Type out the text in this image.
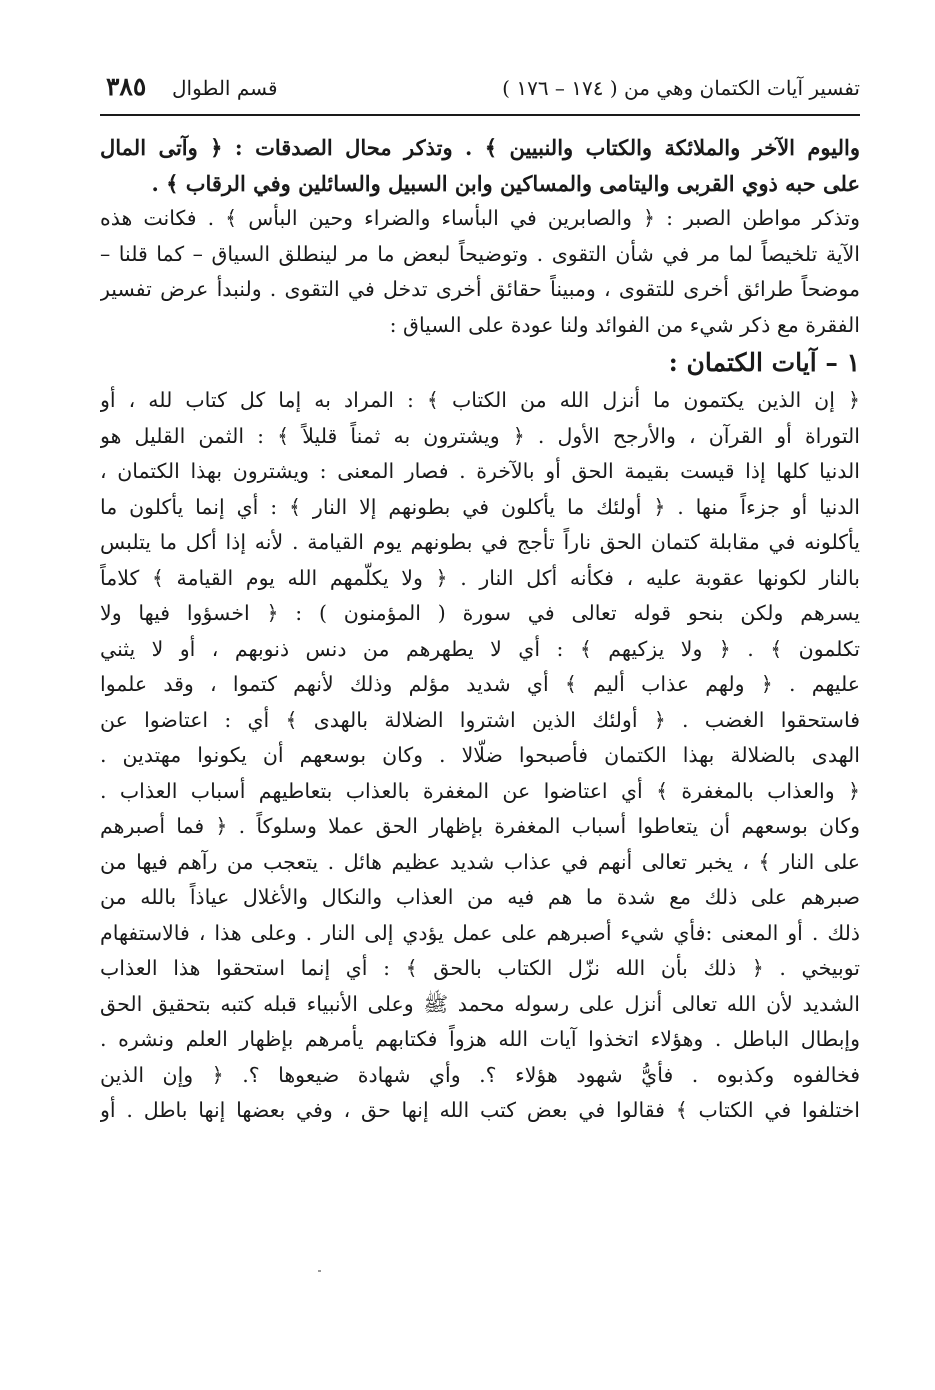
تفسير آيات الكتمان وهي من ( ١٧٤ – ١٧٦ )
قسم الطوال
٣٨٥
واليوم الآخر والملائكة والكتاب والنبيين ﴾ . وتذكر محال الصدقات : ﴿ وآتى المال
على حبه ذوي القربى واليتامى والمساكين وابن السبيل والسائلين وفي الرقاب ﴾ .
وتذكر مواطن الصبر : ﴿ والصابرين في البأساء والضراء وحين البأس ﴾ . فكانت هذه
الآية تلخيصاً لما مر في شأن التقوى . وتوضيحاً لبعض ما مر لينطلق السياق – كما قلنا –
موضحاً طرائق أخرى للتقوى ، ومبيناً حقائق أخرى تدخل في التقوى . ولنبدأ عرض تفسير
الفقرة مع ذكر شيء من الفوائد ولنا عودة على السياق :
١ – آيات الكتمان :
﴿ إن الذين يكتمون ما أنزل الله من الكتاب ﴾ : المراد به إما كل كتاب لله ، أو
التوراة أو القرآن ، والأرجح الأول . ﴿ ويشترون به ثمناً قليلاً ﴾ : الثمن القليل هو
الدنيا كلها إذا قيست بقيمة الحق أو بالآخرة . فصار المعنى : ويشترون بهذا الكتمان ،
الدنيا أو جزءاً منها . ﴿ أولئك ما يأكلون في بطونهم إلا النار ﴾ : أي إنما يأكلون ما
يأكلونه في مقابلة كتمان الحق ناراً تأجج في بطونهم يوم القيامة . لأنه إذا أكل ما يتلبس
بالنار لكونها عقوبة عليه ، فكأنه أكل النار . ﴿ ولا يكلّمهم الله يوم القيامة ﴾ كلاماً
يسرهم ولكن بنحو قوله تعالى في سورة ( المؤمنون ) : ﴿ اخسؤوا فيها ولا
تكلمون ﴾ . ﴿ ولا يزكيهم ﴾ : أي لا يطهرهم من دنس ذنوبهم ، أو لا يثني
عليهم . ﴿ ولهم عذاب أليم ﴾ أي شديد مؤلم وذلك لأنهم كتموا ، وقد علموا
فاستحقوا الغضب . ﴿ أولئك الذين اشتروا الضلالة بالهدى ﴾ أي : اعتاضوا عن
الهدى بالضلالة بهذا الكتمان فأصبحوا ضلّالا . وكان بوسعهم أن يكونوا مهتدين .
﴿ والعذاب بالمغفرة ﴾ أي اعتاضوا عن المغفرة بالعذاب بتعاطيهم أسباب العذاب .
وكان بوسعهم أن يتعاطوا أسباب المغفرة بإظهار الحق عملا وسلوكاً . ﴿ فما أصبرهم
على النار ﴾ ، يخبر تعالى أنهم في عذاب شديد عظيم هائل . يتعجب من رآهم فيها من
صبرهم على ذلك مع شدة ما هم فيه من العذاب والنكال والأغلال عياذاً بالله من
ذلك . أو المعنى :فأي شيء أصبرهم على عمل يؤدي إلى النار . وعلى هذا ، فالاستفهام
توبيخي . ﴿ ذلك بأن الله نزّل الكتاب بالحق ﴾ : أي إنما استحقوا هذا العذاب
الشديد لأن الله تعالى أنزل على رسوله محمد ﷺ وعلى الأنبياء قبله كتبه بتحقيق الحق
وإبطال الباطل . وهؤلاء اتخذوا آيات الله هزواً فكتابهم يأمرهم بإظهار العلم ونشره .
فخالفوه وكذبوه . فأيُّ شهود هؤلاء ؟. وأي شهادة ضيعوها ؟. ﴿ وإن الذين
اختلفوا في الكتاب ﴾ فقالوا في بعض كتب الله إنها حق ، وفي بعضها إنها باطل . أو
